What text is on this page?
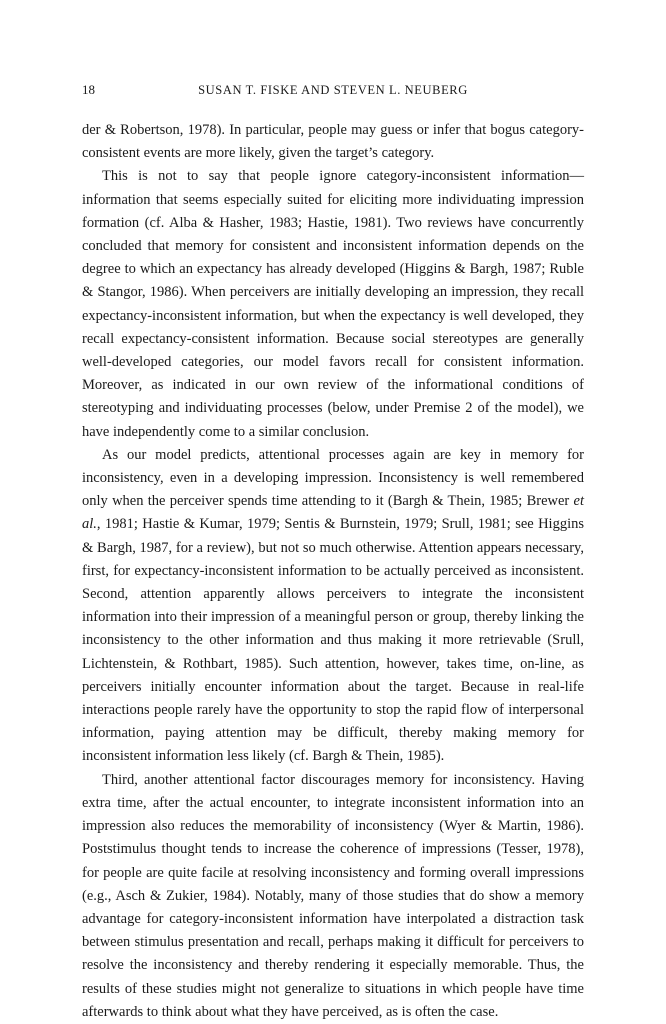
18	SUSAN T. FISKE AND STEVEN L. NEUBERG

der & Robertson, 1978). In particular, people may guess or infer that bogus category-consistent events are more likely, given the target’s category.

This is not to say that people ignore category-inconsistent information—information that seems especially suited for eliciting more individuating impression formation (cf. Alba & Hasher, 1983; Hastie, 1981). Two reviews have concurrently concluded that memory for consistent and inconsistent information depends on the degree to which an expectancy has already developed (Higgins & Bargh, 1987; Ruble & Stangor, 1986). When perceivers are initially developing an impression, they recall expectancy-inconsistent information, but when the expectancy is well developed, they recall expectancy-consistent information. Because social stereotypes are generally well-developed categories, our model favors recall for consistent information. Moreover, as indicated in our own review of the informational conditions of stereotyping and individuating processes (below, under Premise 2 of the model), we have independently come to a similar conclusion.

As our model predicts, attentional processes again are key in memory for inconsistency, even in a developing impression. Inconsistency is well remembered only when the perceiver spends time attending to it (Bargh & Thein, 1985; Brewer et al., 1981; Hastie & Kumar, 1979; Sentis & Burnstein, 1979; Srull, 1981; see Higgins & Bargh, 1987, for a review), but not so much otherwise. Attention appears necessary, first, for expectancy-inconsistent information to be actually perceived as inconsistent. Second, attention apparently allows perceivers to integrate the inconsistent information into their impression of a meaningful person or group, thereby linking the inconsistency to the other information and thus making it more retrievable (Srull, Lichtenstein, & Rothbart, 1985). Such attention, however, takes time, on-line, as perceivers initially encounter information about the target. Because in real-life interactions people rarely have the opportunity to stop the rapid flow of interpersonal information, paying attention may be difficult, thereby making memory for inconsistent information less likely (cf. Bargh & Thein, 1985).

Third, another attentional factor discourages memory for inconsistency. Having extra time, after the actual encounter, to integrate inconsistent information into an impression also reduces the memorability of inconsistency (Wyer & Martin, 1986). Poststimulus thought tends to increase the coherence of impressions (Tesser, 1978), for people are quite facile at resolving inconsistency and forming overall impressions (e.g., Asch & Zukier, 1984). Notably, many of those studies that do show a memory advantage for category-inconsistent information have interpolated a distraction task between stimulus presentation and recall, perhaps making it difficult for perceivers to resolve the inconsistency and thereby rendering it especially memorable. Thus, the results of these studies might not generalize to situations in which people have time afterwards to think about what they have perceived, as is often the case.
